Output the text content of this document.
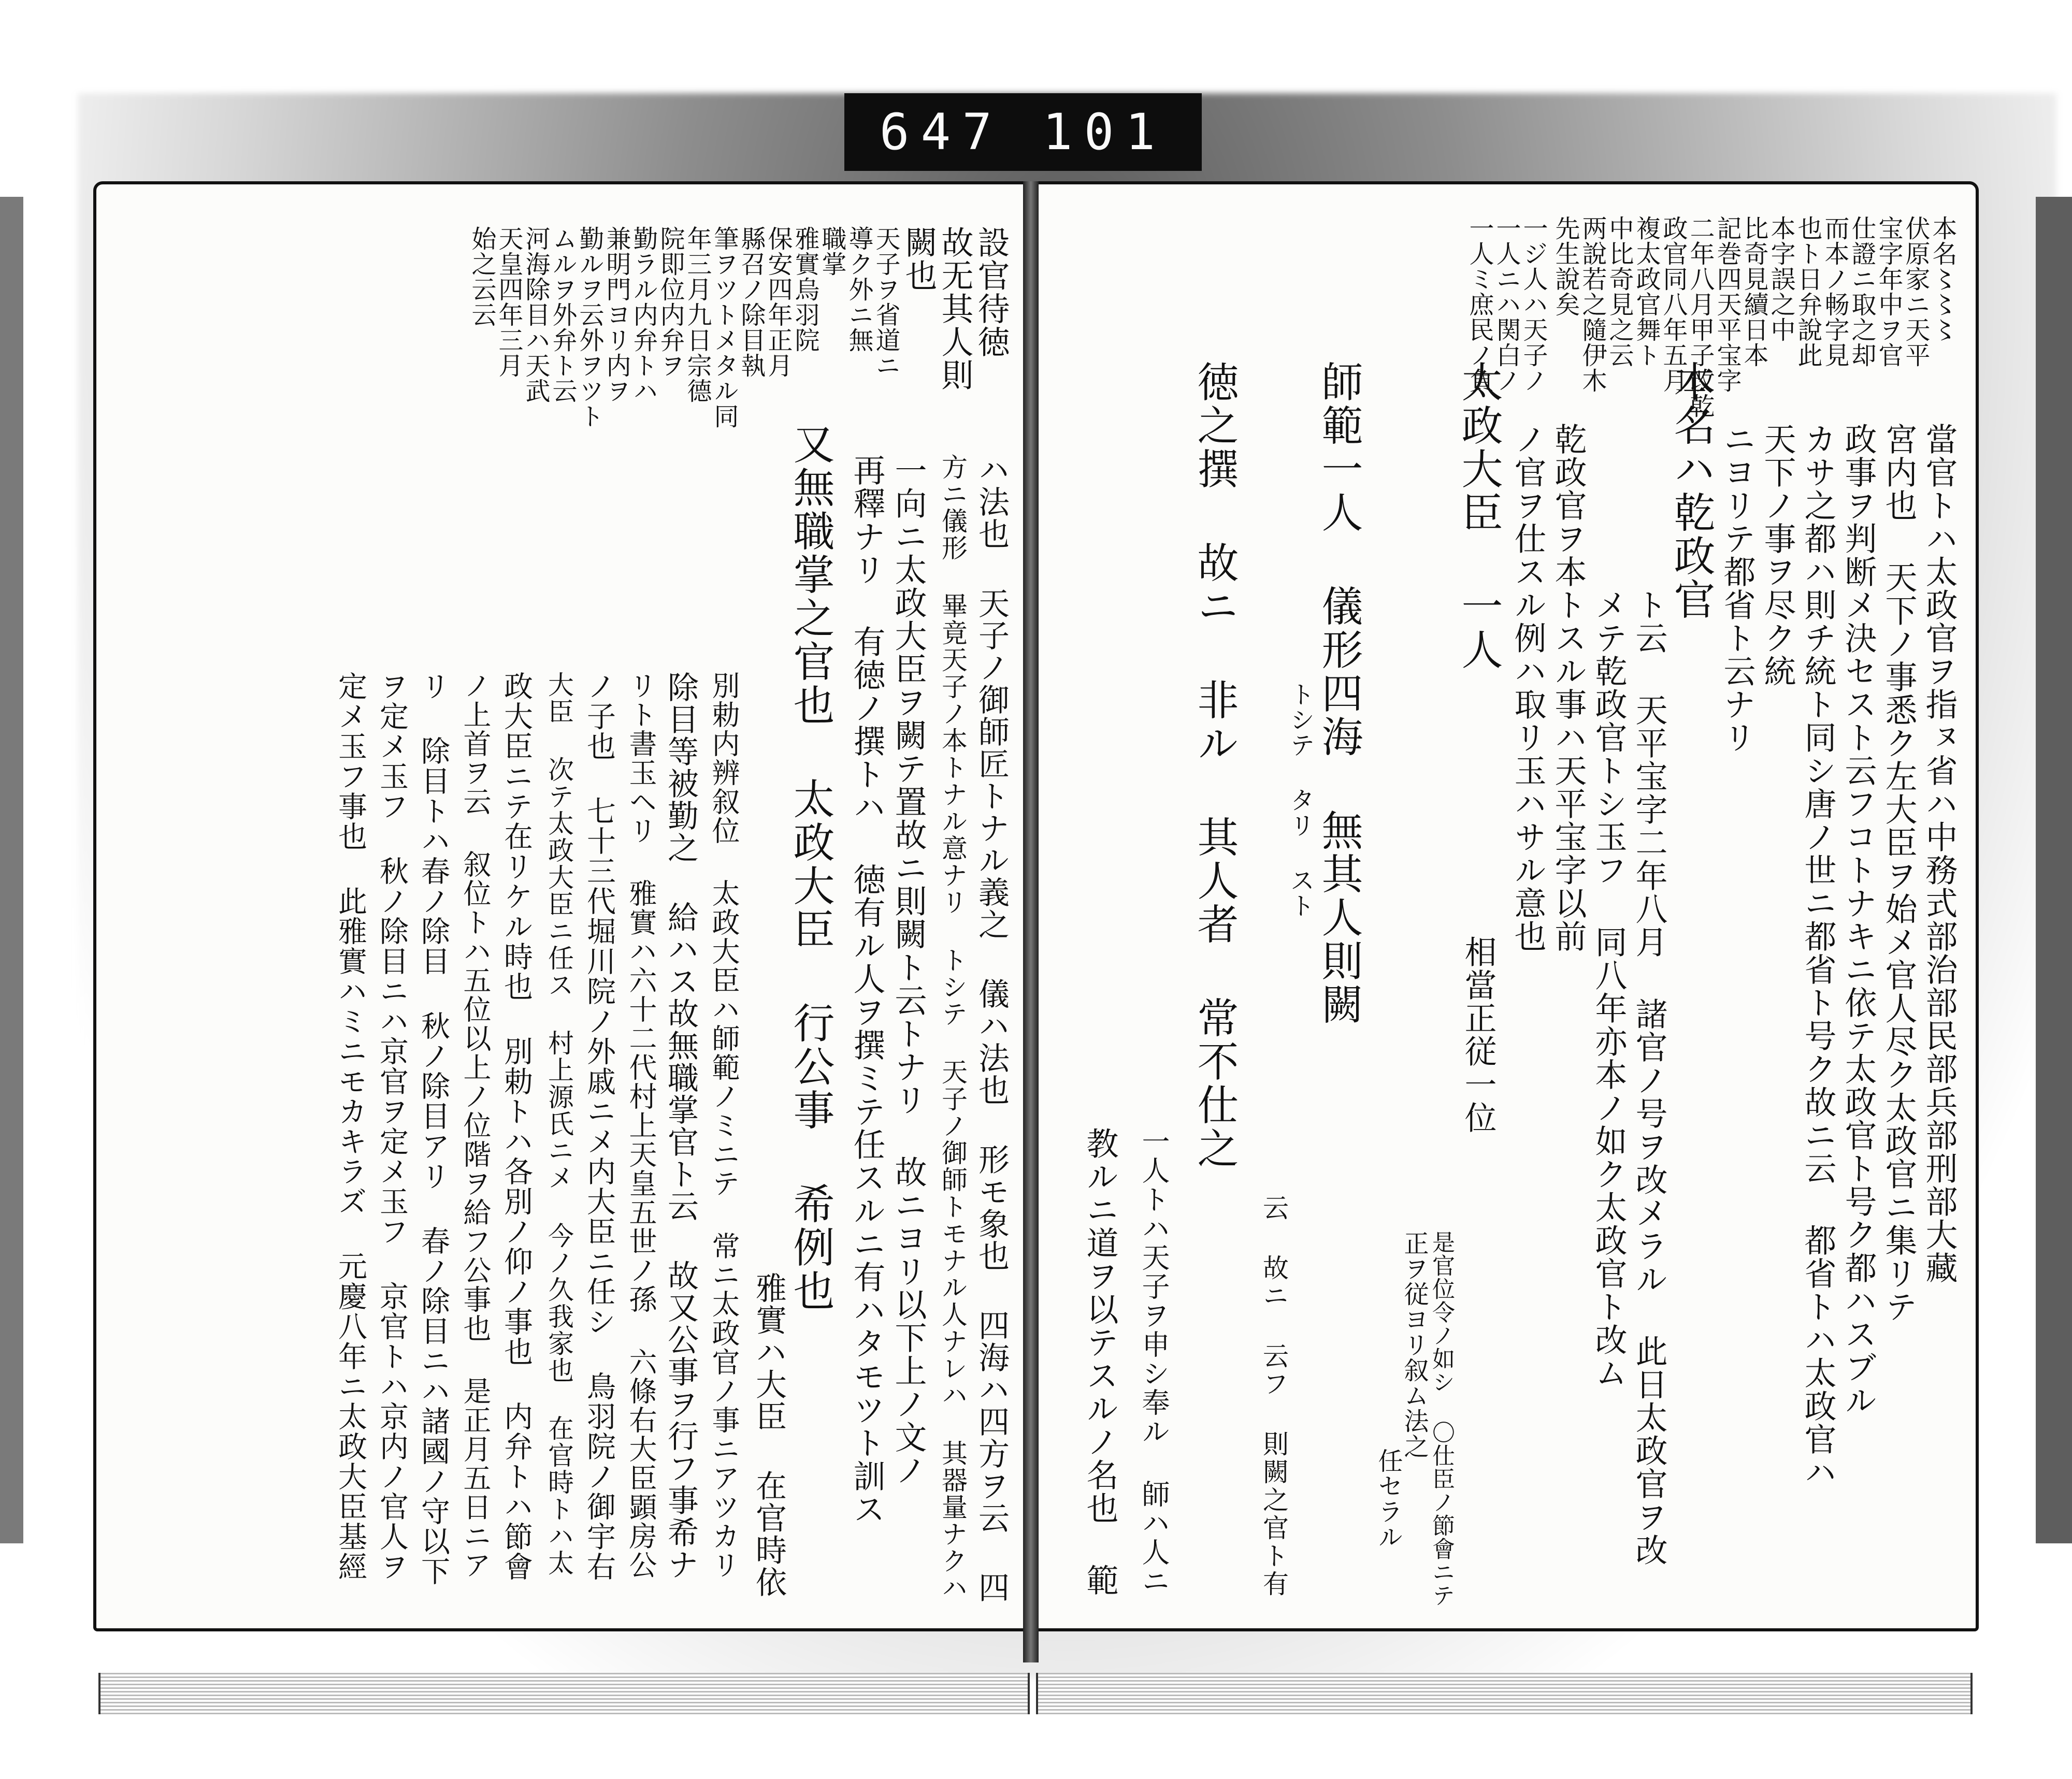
647 101
本名〻〻〻
伏原家ニ天平
宝字年中ヲ官
仕證ニ取之却
而本ノ畅字見
也ト日弁說此
本字誤之中
比奇見續日本
記巻四天平宝字
二年八月甲子改乾
政官同八年五月
複太政官舞ト
中比奇見之云
两說若之隨伊木
先生說矣
一ジ人ハ天子ノ
一人ニハ関白ノ
一人ミ庶民ノ負
當官トハ太政官ヲ指ㇴ省ハ中務式部治部民部兵部刑部大藏
宮内也 天下ノ事悉ク左大臣ヲ始メ官人尽ク太政官ニ集リテ
政事ヲ判断メ決セスト云フコトナキニ依テ太政官ト号ク都ハスブル
カサ之都ハ則チ統ト同シ唐ノ世ニ都省ト号ク故ニ云 都省トハ太政官ハ
天下ノ事ヲ尽ク統
ニヨリテ都省ト云ナリ
本名ハ乾政官
ト云 天平宝字二年八月 諸官ノ号ヲ改メラル 此日太政官ヲ改
メテ乾政官トシ玉フ 同八年亦本ノ如ク太政官ト改ム
乾政官ヲ本トスル事ハ天平宝字以前
ノ官ヲ仕スル例ハ取リ玉ハサル意也
太政大臣 一人
相當正従一位
是官位令ノ如シ 〇仕臣ノ節會ニテ
正ヲ従ヨリ叙ム法之
任セラル
師範一人 儀形四海 無其人則闕
トシテ タリ スト
云 故ニ 云フ 則闕之官ト有
徳之撰 故ニ 非ル 其人者 常不仕之
一人トハ天子ヲ申シ奉ル 師ハ人ニ
教ルニ道ヲ以テスルノ名也 範
設官待徳
故无其人則
闕也
天子ヲ省道ニ
導ク外ニ無
職掌
雅實烏羽院
保安四年正月
縣召ノ除目執
筆ヲツトメタル同
年三月九日宗德
院即位内弁ヲ
勤ラル内弁トハ
兼明門ヨリ内ヲ
勤ルヲ云外ヲツト
ムルヲ外弁ト云
河海除目ハ天武
天皇四年三月
始之云云
ハ法也 天子ノ御師匠トナル義之 儀ハ法也 形モ象也 四海ハ四方ヲ云 四
方ニ儀形 畢竟天子ノ本トナル意ナリ トシテ 天子ノ御師トモナル人ナレハ 其器量ナクハ
一向ニ太政大臣ヲ闕テ置故ニ則闕ト云トナリ 故ニヨリ以下上ノ文ノ
再釋ナリ 有徳ノ撰トハ 徳有ル人ヲ撰ミテ任スルニ有ハタモツト訓ス
又無職掌之官也 太政大臣 行公事 希例也
雅實ハ大臣 在官時依
別勅内辨叙位 太政大臣ハ師範ノミニテ 常ニ太政官ノ事ニアツカリ
除目等被勤之 給ハス故無職掌官ト云 故又公事ヲ行フ事希ナ
リト書玉ヘリ 雅實ハ六十二代村上天皇五世ノ孫 六條右大臣顕房公
ノ子也 七十三代堀川院ノ外戚ニメ内大臣ニ任シ 鳥羽院ノ御宇右
大臣 次テ太政大臣ニ任ス 村上源氏ニメ 今ノ久我家也 在官時トハ太
政大臣ニテ在リケル時也 別勅トハ各別ノ仰ノ事也 内弁トハ節會
ノ上首ヲ云 叙位トハ五位以上ノ位階ヲ給フ公事也 是正月五日ニア
リ 除目トハ春ノ除目 秋ノ除目アリ 春ノ除目ニハ諸國ノ守以下
ヲ定メ玉フ 秋ノ除目ニハ京官ヲ定メ玉フ 京官トハ京内ノ官人ヲ
定メ玉フ事也 此雅實ハミニモカキラズ 元慶八年ニ太政大臣基經
